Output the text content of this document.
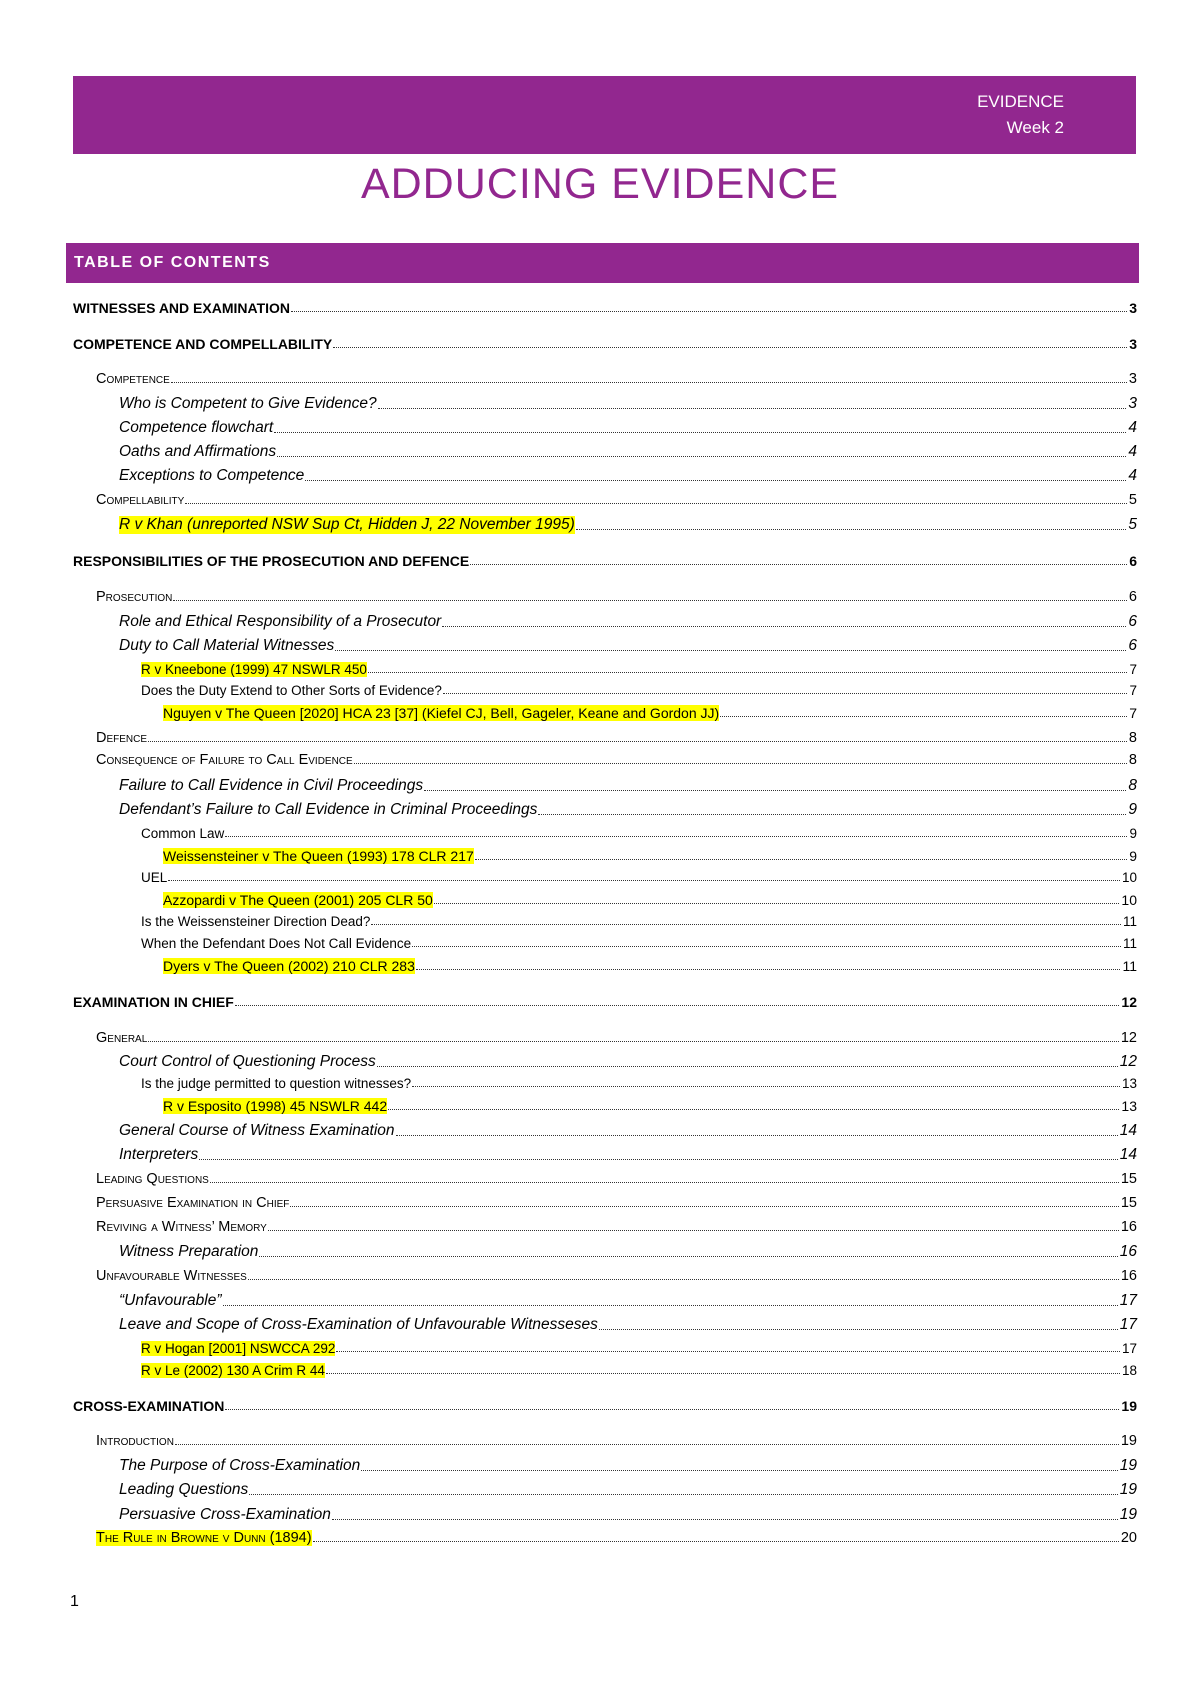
EVIDENCE
Week 2
ADDUCING EVIDENCE
TABLE OF CONTENTS
WITNESSES AND EXAMINATION	3
COMPETENCE AND COMPELLABILITY	3
Competence	3
Who is Competent to Give Evidence?	3
Competence flowchart	4
Oaths and Affirmations	4
Exceptions to Competence	4
Compellability	5
R v Khan (unreported NSW Sup Ct, Hidden J, 22 November 1995)	5
RESPONSIBILITIES OF THE PROSECUTION AND DEFENCE	6
Prosecution	6
Role and Ethical Responsibility of a Prosecutor	6
Duty to Call Material Witnesses	6
R v Kneebone (1999) 47 NSWLR 450	7
Does the Duty Extend to Other Sorts of Evidence?	7
Nguyen v The Queen [2020] HCA 23 [37] (Kiefel CJ, Bell, Gageler, Keane and Gordon JJ)	7
Defence	8
Consequence of Failure to Call Evidence	8
Failure to Call Evidence in Civil Proceedings	8
Defendant’s Failure to Call Evidence in Criminal Proceedings	9
Common Law	9
Weissensteiner v The Queen (1993) 178 CLR 217	9
UEL	10
Azzopardi v The Queen (2001) 205 CLR 50	10
Is the Weissensteiner Direction Dead?	11
When the Defendant Does Not Call Evidence	11
Dyers v The Queen (2002) 210 CLR 283	11
EXAMINATION IN CHIEF	12
General	12
Court Control of Questioning Process	12
Is the judge permitted to question witnesses?	13
R v Esposito (1998) 45 NSWLR 442	13
General Course of Witness Examination	14
Interpreters	14
Leading Questions	15
Persuasive Examination in Chief	15
Reviving a Witness’ Memory	16
Witness Preparation	16
Unfavourable Witnesses	16
“Unfavourable”	17
Leave and Scope of Cross-Examination of Unfavourable Witnesseses	17
R v Hogan [2001] NSWCCA 292	17
R v Le (2002) 130 A Crim R 44	18
CROSS-EXAMINATION	19
Introduction	19
The Purpose of Cross-Examination	19
Leading Questions	19
Persuasive Cross-Examination	19
The Rule in Browne v Dunn (1894)	20
1
